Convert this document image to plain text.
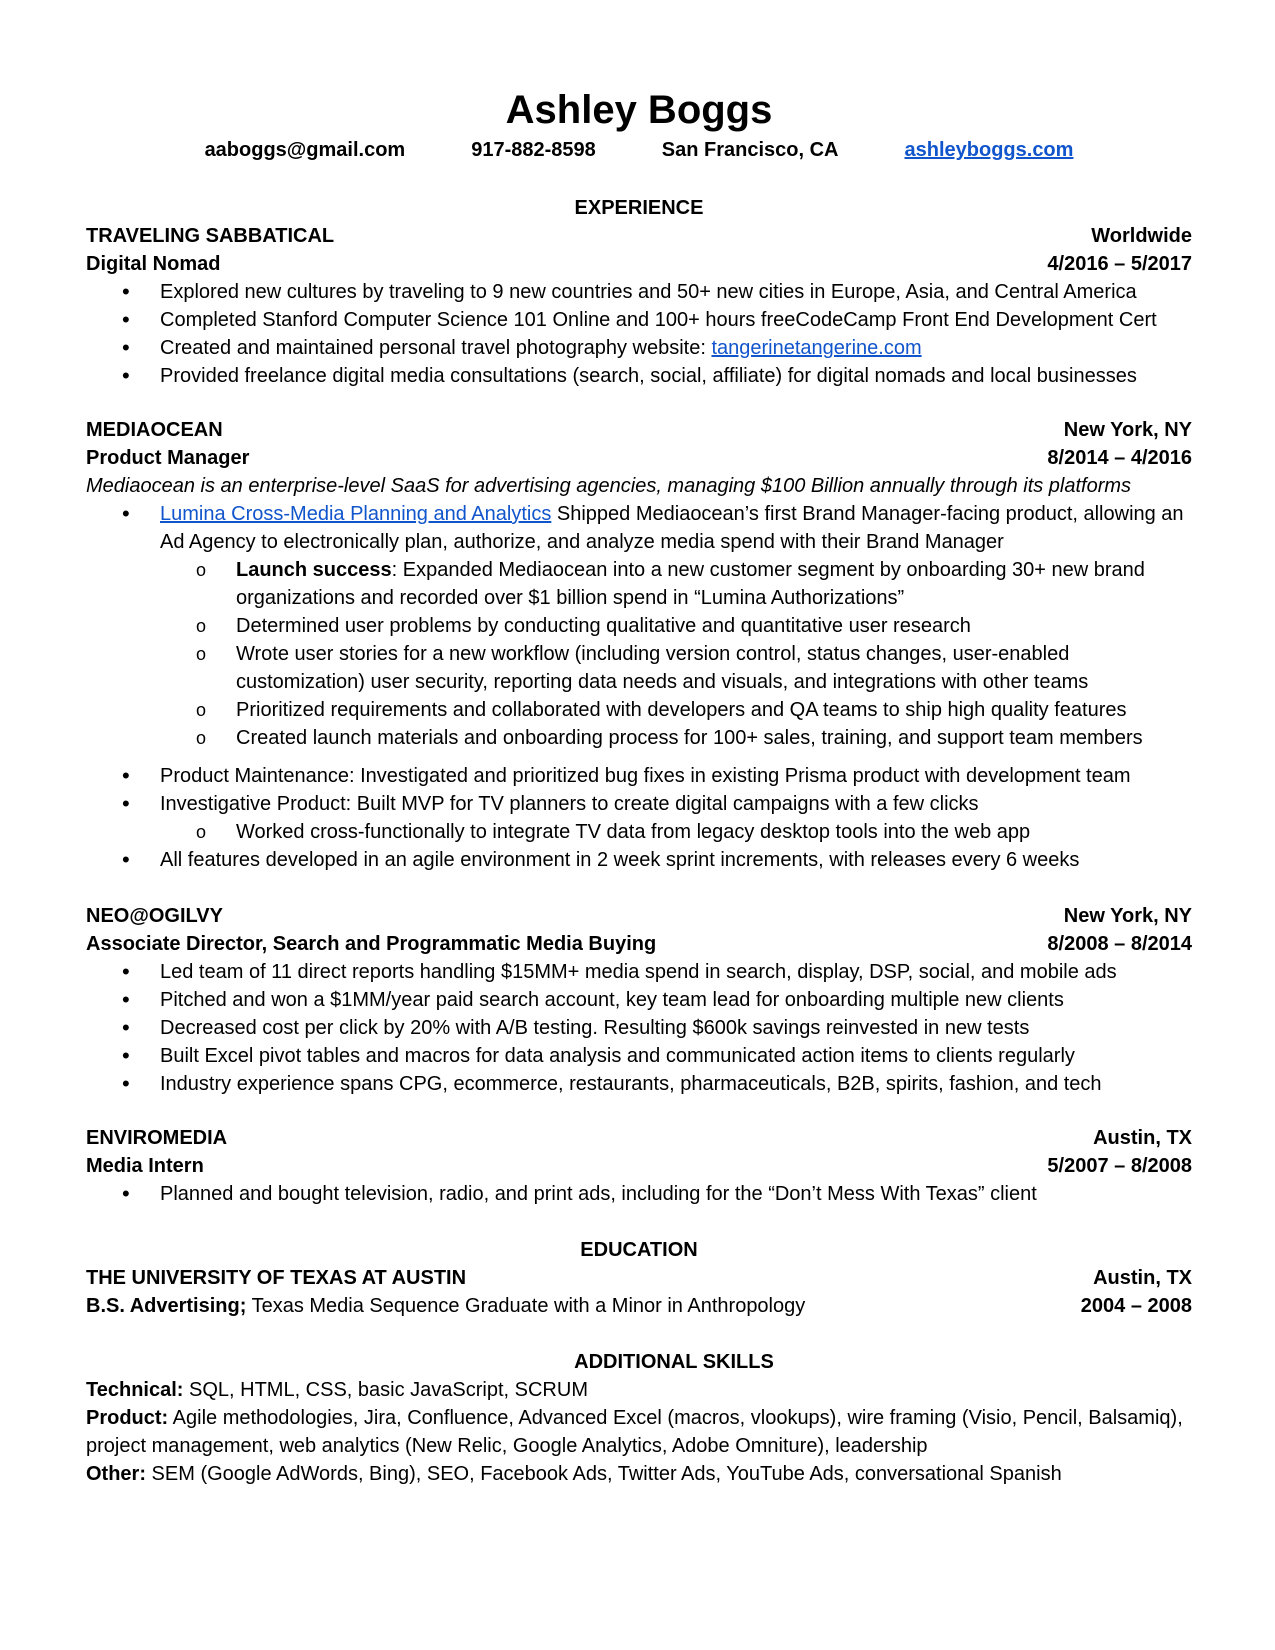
Ashley Boggs
aaboggs@gmail.com	917-882-8598	San Francisco, CA	ashleyboggs.com
EXPERIENCE
TRAVELING SABBATICAL	Worldwide
Digital Nomad	4/2016 – 5/2017
• Explored new cultures by traveling to 9 new countries and 50+ new cities in Europe, Asia, and Central America
• Completed Stanford Computer Science 101 Online and 100+ hours freeCodeCamp Front End Development Cert
• Created and maintained personal travel photography website: tangerinetangerine.com
• Provided freelance digital media consultations (search, social, affiliate) for digital nomads and local businesses
MEDIAOCEAN	New York, NY
Product Manager	8/2014 – 4/2016
Mediaocean is an enterprise-level SaaS for advertising agencies, managing $100 Billion annually through its platforms
• Lumina Cross-Media Planning and Analytics Shipped Mediaocean’s first Brand Manager-facing product, allowing an Ad Agency to electronically plan, authorize, and analyze media spend with their Brand Manager
o Launch success: Expanded Mediaocean into a new customer segment by onboarding 30+ new brand organizations and recorded over $1 billion spend in “Lumina Authorizations”
o Determined user problems by conducting qualitative and quantitative user research
o Wrote user stories for a new workflow (including version control, status changes, user-enabled customization) user security, reporting data needs and visuals, and integrations with other teams
o Prioritized requirements and collaborated with developers and QA teams to ship high quality features
o Created launch materials and onboarding process for 100+ sales, training, and support team members
• Product Maintenance: Investigated and prioritized bug fixes in existing Prisma product with development team
• Investigative Product: Built MVP for TV planners to create digital campaigns with a few clicks
o Worked cross-functionally to integrate TV data from legacy desktop tools into the web app
• All features developed in an agile environment in 2 week sprint increments, with releases every 6 weeks
NEO@OGILVY	New York, NY
Associate Director, Search and Programmatic Media Buying	8/2008 – 8/2014
• Led team of 11 direct reports handling $15MM+ media spend in search, display, DSP, social, and mobile ads
• Pitched and won a $1MM/year paid search account, key team lead for onboarding multiple new clients
• Decreased cost per click by 20% with A/B testing. Resulting $600k savings reinvested in new tests
• Built Excel pivot tables and macros for data analysis and communicated action items to clients regularly
• Industry experience spans CPG, ecommerce, restaurants, pharmaceuticals, B2B, spirits, fashion, and tech
ENVIROMEDIA	Austin, TX
Media Intern	5/2007 – 8/2008
• Planned and bought television, radio, and print ads, including for the “Don’t Mess With Texas” client
EDUCATION
THE UNIVERSITY OF TEXAS AT AUSTIN	Austin, TX
B.S. Advertising; Texas Media Sequence Graduate with a Minor in Anthropology	2004 – 2008
ADDITIONAL SKILLS

Technical: SQL, HTML, CSS, basic JavaScript, SCRUM

Product: Agile methodologies, Jira, Confluence, Advanced Excel (macros, vlookups), wire framing (Visio, Pencil, Balsamiq), project management, web analytics (New Relic, Google Analytics, Adobe Omniture), leadership

Other: SEM (Google AdWords, Bing), SEO, Facebook Ads, Twitter Ads, YouTube Ads, conversational Spanish
